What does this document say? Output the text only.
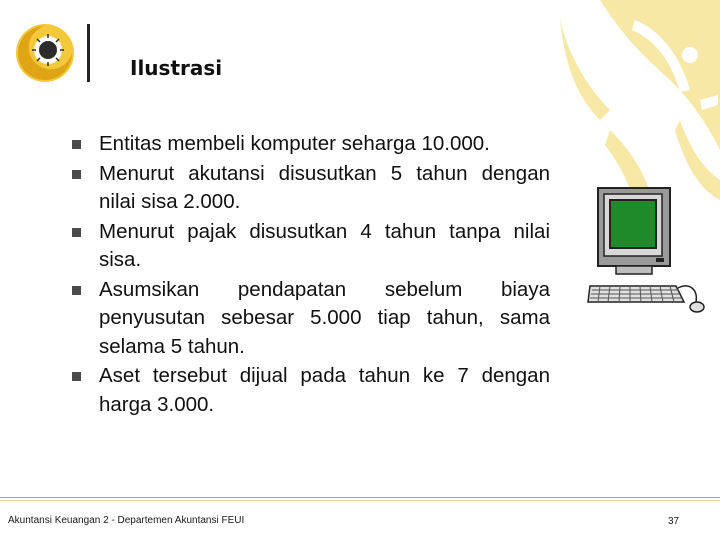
Ilustrasi
Entitas membeli komputer seharga 10.000.
Menurut akutansi disusutkan 5 tahun dengan nilai sisa 2.000.
Menurut pajak disusutkan 4 tahun tanpa nilai sisa.
Asumsikan pendapatan sebelum biaya penyusutan sebesar 5.000 tiap tahun, sama selama 5 tahun.
Aset tersebut dijual pada tahun ke 7 dengan harga 3.000.
Akuntansi Keuangan 2 - Departemen Akuntansi FEUI	37
